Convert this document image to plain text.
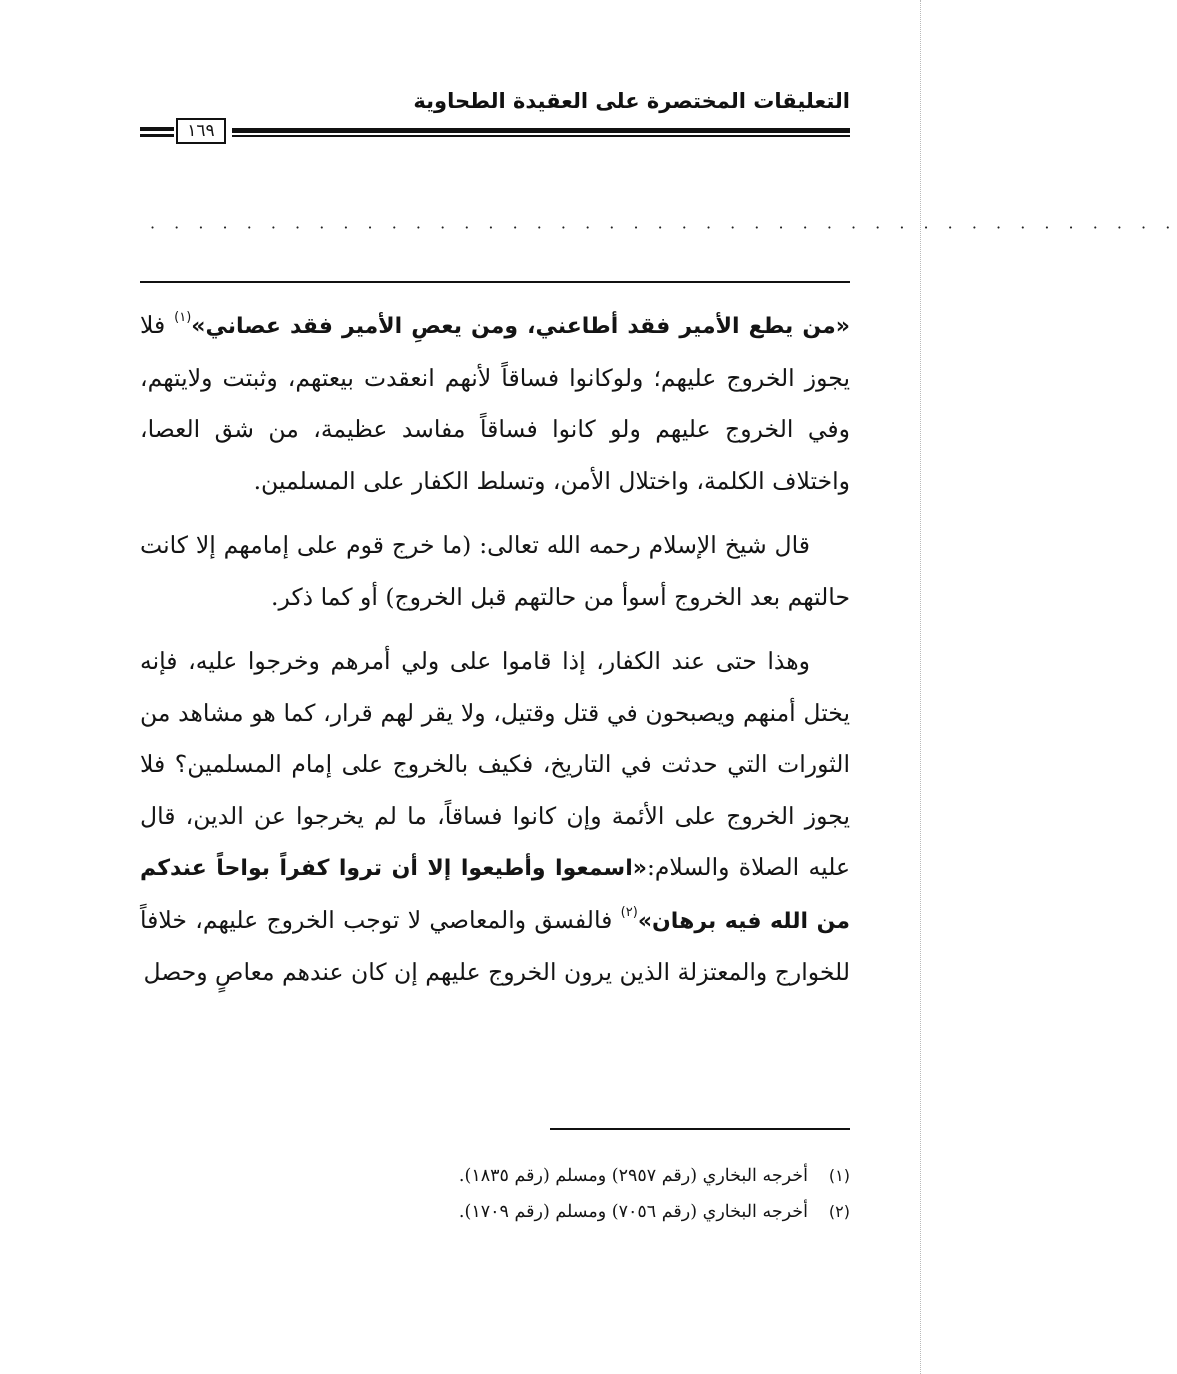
التعليقات المختصرة على العقيدة الطحاوية
١٦٩
· · · · · · · · · · · · · · · · · · · · · · · · · · · · · · · · · · · · · · · · · · ·

«من يطع الأمير فقد أطاعني، ومن يعصِ الأمير فقد عصاني»$^{(١)}$ فلا يجوز الخروج عليهم؛ ولوكانوا فساقاً لأنهم انعقدت بيعتهم، وثبتت ولايتهم، وفي الخروج عليهم ولو كانوا فساقاً مفاسد عظيمة، من شق العصا، واختلاف الكلمة، واختلال الأمن، وتسلط الكفار على المسلمين.

قال شيخ الإسلام رحمه الله تعالى: (ما خرج قوم على إمامهم إلا كانت حالتهم بعد الخروج أسوأ من حالتهم قبل الخروج) أو كما ذكر.

وهذا حتى عند الكفار، إذا قاموا على ولي أمرهم وخرجوا عليه، فإنه يختل أمنهم ويصبحون في قتل وقتيل، ولا يقر لهم قرار، كما هو مشاهد من الثورات التي حدثت في التاريخ، فكيف بالخروج على إمام المسلمين؟ فلا يجوز الخروج على الأئمة وإن كانوا فساقاً، ما لم يخرجوا عن الدين، قال عليه الصلاة والسلام:«اسمعوا وأطيعوا إلا أن تروا كفراً بواحاً عندكم من الله فيه برهان»$^{(٢)}$ فالفسق والمعاصي لا توجب الخروج عليهم، خلافاً للخوارج والمعتزلة الذين يرون الخروج عليهم إن كان عندهم معاصٍ وحصل

(١)أخرجه البخاري (رقم ٢٩٥٧) ومسلم (رقم ١٨٣٥).
(٢)أخرجه البخاري (رقم ٧٠٥٦) ومسلم (رقم ١٧٠٩).
